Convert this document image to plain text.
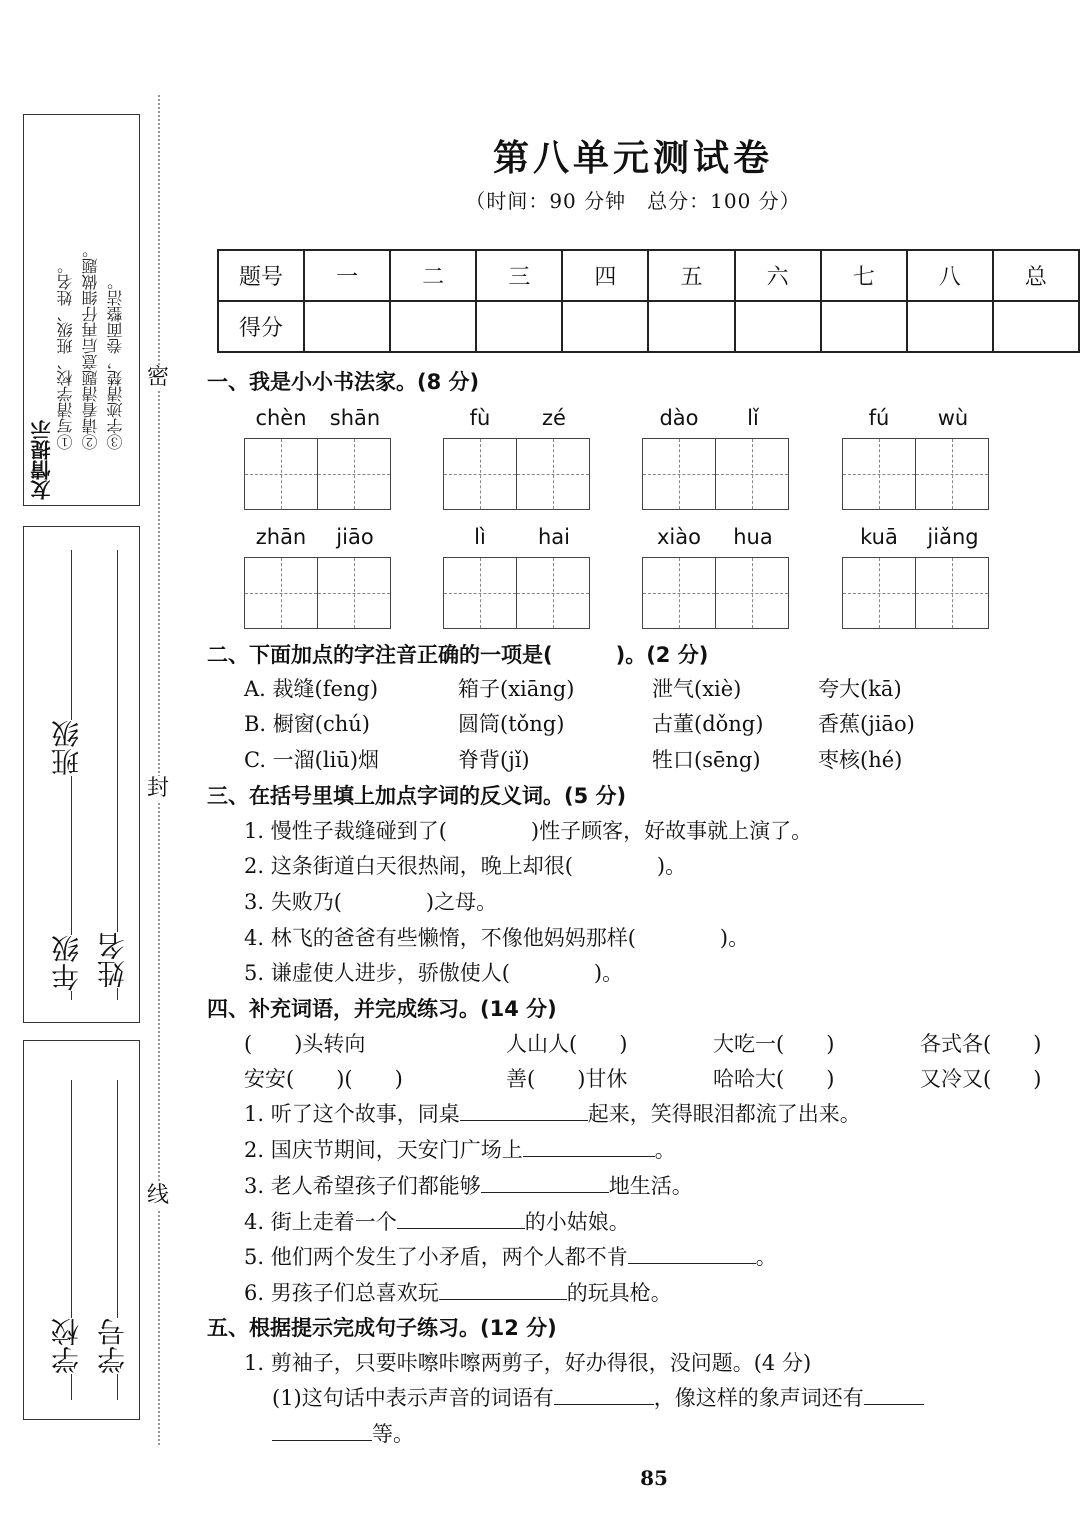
友情提示
①写清学校、班级、姓名。 ②请看清题意后再仔细做题。 ③字迹清楚，卷面整洁。
班级
年级 姓名
学校 学号
密
封
线
第八单元测试卷
（时间：90 分钟　总分：100 分）
题号	一	二	三	四	五	六	七	八	总
得分									
一、我是小小书法家。(8 分)
chèn	shān	fù	zé	dào	lǐ	fú	wù
zhān	jiāo	lì	hai	xiào	hua	kuā	jiǎng
二、下面加点的字注音正确的一项是(　　　)。(2 分)
A. 裁缝(feng)	箱子(xiāng)	泄气(xiè)	夸大(kā)
B. 橱窗(chú)	圆筒(tǒng)	古董(dǒng)	香蕉(jiāo)
C. 一溜(liū)烟	脊背(jǐ)	牲口(sēng)	枣核(hé)
三、在括号里填上加点字词的反义词。(5 分)
1. 慢性子裁缝碰到了(　　　　)性子顾客，好故事就上演了。
2. 这条街道白天很热闹，晚上却很(　　　　)。
3. 失败乃(　　　　)之母。
4. 林飞的爸爸有些懒惰，不像他妈妈那样(　　　　)。
5. 谦虚使人进步，骄傲使人(　　　　)。
四、补充词语，并完成练习。(14 分)
(　　)头转向	人山人(　　)	大吃一(　　)	各式各(　　)
安安(　　)(　　)	善(　　)甘休	哈哈大(　　)	又冷又(　　)
1. 听了这个故事，同桌	起来，笑得眼泪都流了出来。
2. 国庆节期间，天安门广场上	。
3. 老人希望孩子们都能够	地生活。
4. 街上走着一个	的小姑娘。
5. 他们两个发生了小矛盾，两个人都不肯	。
6. 男孩子们总喜欢玩	的玩具枪。
五、根据提示完成句子练习。(12 分)
1. 剪袖子，只要咔嚓咔嚓两剪子，好办得很，没问题。(4 分)
(1)这句话中表示声音的词语有	，像这样的象声词还有
等。
85
